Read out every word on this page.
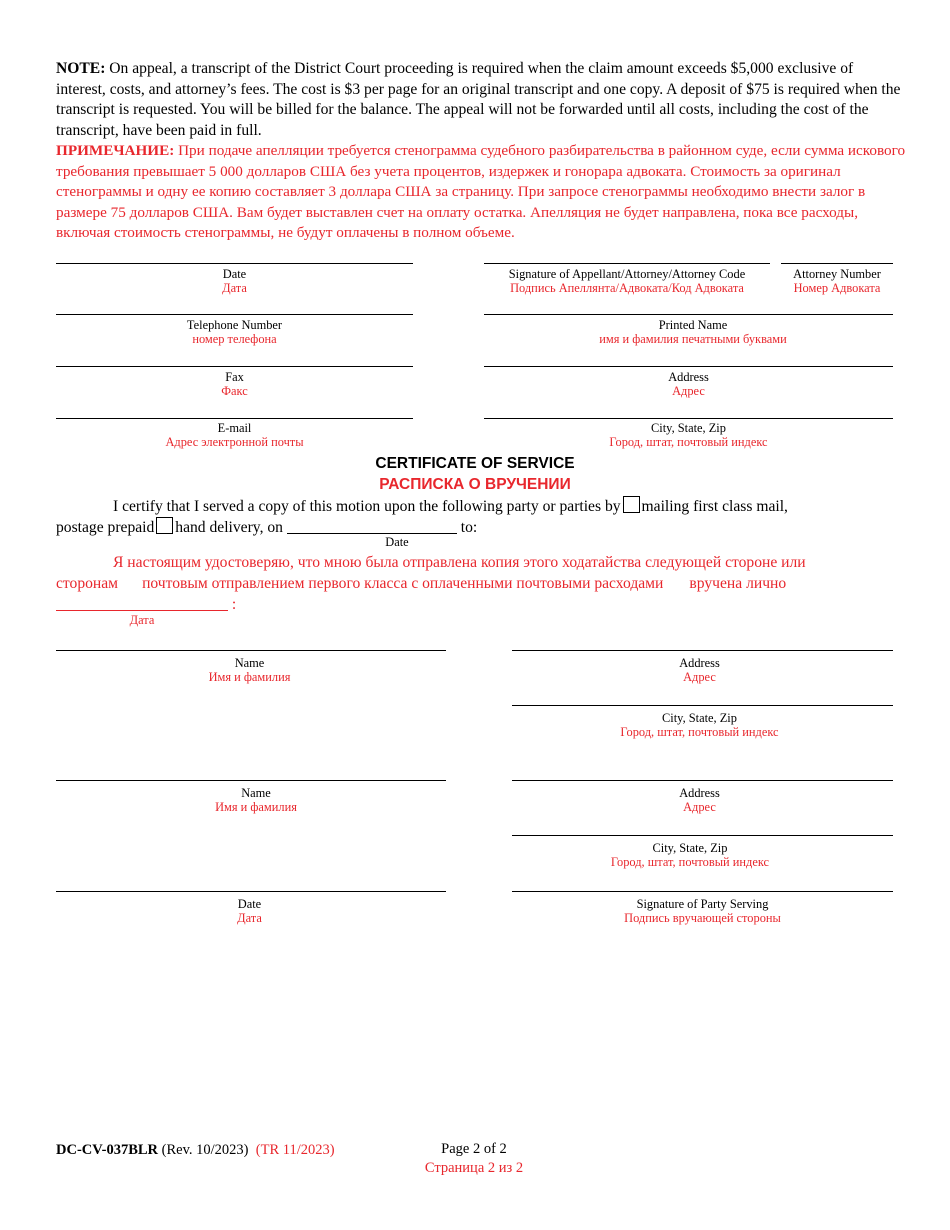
NOTE: On appeal, a transcript of the District Court proceeding is required when the claim amount exceeds $5,000 exclusive of interest, costs, and attorney’s fees. The cost is $3 per page for an original transcript and one copy. A deposit of $75 is required when the transcript is requested. You will be billed for the balance. The appeal will not be forwarded until all costs, including the cost of the transcript, have been paid in full.
ПРИМЕЧАНИЕ: При подаче апелляции требуется стенограмма судебного разбирательства в районном суде, если сумма искового требования превышает 5 000 долларов США без учета процентов, издержек и гонорара адвоката. Стоимость за оригинал стенограммы и одну ее копию составляет 3 доллара США за страницу. При запросе стенограммы необходимо внести залог в размере 75 долларов США. Вам будет выставлен счет на оплату остатка. Апелляция не будет направлена, пока все расходы, включая стоимость стенограммы, не будут оплачены в полном объеме.
Date
Дата
Telephone Number
номер телефона
Fax
Факс
E-mail
Адрес электронной почты
Signature of Appellant/Attorney/Attorney Code
Подпись Апеллянта/Адвоката/Код Адвоката
Attorney Number
Номер Адвоката
Printed Name
имя и фамилия печатными буквами
Address
Адрес
City, State, Zip
Город, штат, почтовый индекс
CERTIFICATE OF SERVICE
РАСПИСКА О ВРУЧЕНИИ
I certify that I served a copy of this motion upon the following party or parties by mailing first class mail,
postage prepaid hand delivery, on	to:
Date
Я настоящим удостоверяю, что мною была отправлена копия этого ходатайства следующей стороне или
сторонам почтовым отправлением первого класса с оплаченными почтовыми расходами вручена лично
:
Дата
Name
Имя и фамилия
Address
Адрес
City, State, Zip
Город, штат, почтовый индекс
Name
Имя и фамилия
Address
Адрес
City, State, Zip
Город, штат, почтовый индекс
Date
Дата
Signature of Party Serving
Подпись вручающей стороны
DC-CV-037BLR (Rev. 10/2023) (TR 11/2023)	Page 2 of 2
Страница 2 из 2
